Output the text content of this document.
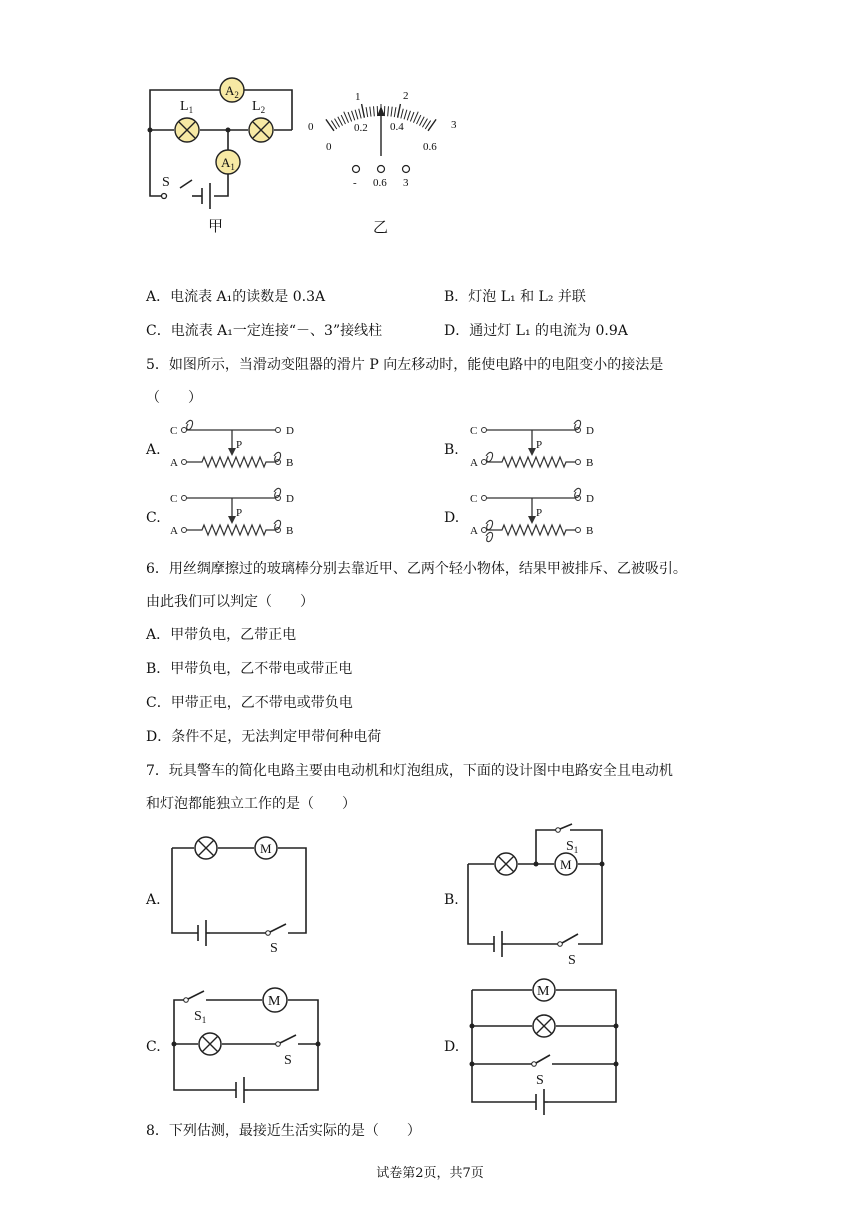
$A_2$
$A_1$
$L_1$	$L_2$
S
1	2
3
0
0
0.2 0.4
0.6
- 0.6 3
甲	乙
A．电流表 A₁的读数是 0.3A	B．灯泡 L₁ 和 L₂ 并联
C．电流表 A₁一定连接“－、3”接线柱	D．通过灯 L₁ 的电流为 0.9A
5．如图所示，当滑动变阻器的滑片 P 向左移动时，能使电路中的电阻变小的接法是
（　　）
A.	B.
C.	D.
P
C	D
A	B
P
C	D
A	B
P
C	D
A	B
P
C	D
A	B
6．用丝绸摩擦过的玻璃棒分别去靠近甲、乙两个轻小物体，结果甲被排斥、乙被吸引。
由此我们可以判定（　　）
A．甲带负电，乙带正电
B．甲带负电，乙不带电或带正电
C．甲带正电，乙不带电或带负电
D．条件不足，无法判定甲带何种电荷
7．玩具警车的简化电路主要由电动机和灯泡组成，下面的设计图中电路安全且电动机
和灯泡都能独立工作的是（　　）
A.	B.
C.	D.
M
S
M
$S_1$
S
M
$S_1$
S
M
S
8．下列估测，最接近生活实际的是（　　）
试卷第2页，共7页
